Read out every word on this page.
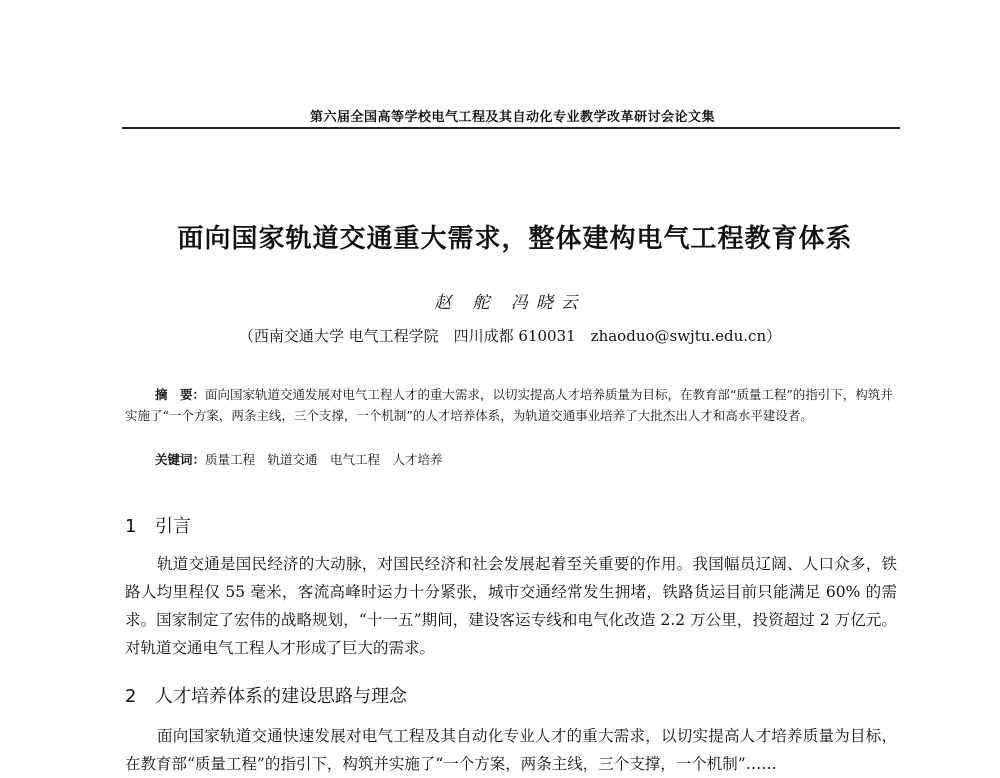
第六届全国高等学校电气工程及其自动化专业教学改革研讨会论文集
面向国家轨道交通重大需求，整体建构电气工程教育体系
赵 舵 冯晓云
（西南交通大学 电气工程学院　四川成都 610031　zhaoduo@swjtu.edu.cn）
摘　要：面向国家轨道交通发展对电气工程人才的重大需求，以切实提高人才培养质量为目标，在教育部“质量工程”的指引下，构筑并实施了“一个方案，两条主线，三个支撑，一个机制”的人才培养体系，为轨道交通事业培养了大批杰出人才和高水平建设者。
关键词：质量工程　轨道交通　电气工程　人才培养
1 引言
轨道交通是国民经济的大动脉，对国民经济和社会发展起着至关重要的作用。我国幅员辽阔、人口众多，铁路人均里程仅 55 毫米，客流高峰时运力十分紧张，城市交通经常发生拥堵，铁路货运目前只能满足 60% 的需求。国家制定了宏伟的战略规划，“十一五”期间，建设客运专线和电气化改造 2.2 万公里，投资超过 2 万亿元。对轨道交通电气工程人才形成了巨大的需求。
2 人才培养体系的建设思路与理念
面向国家轨道交通快速发展对电气工程及其自动化专业人才的重大需求，以切实提高人才培养质量为目标，在教育部“质量工程”的指引下，构筑并实施了“一个方案，两条主线，三个支撑，一个机制”……
